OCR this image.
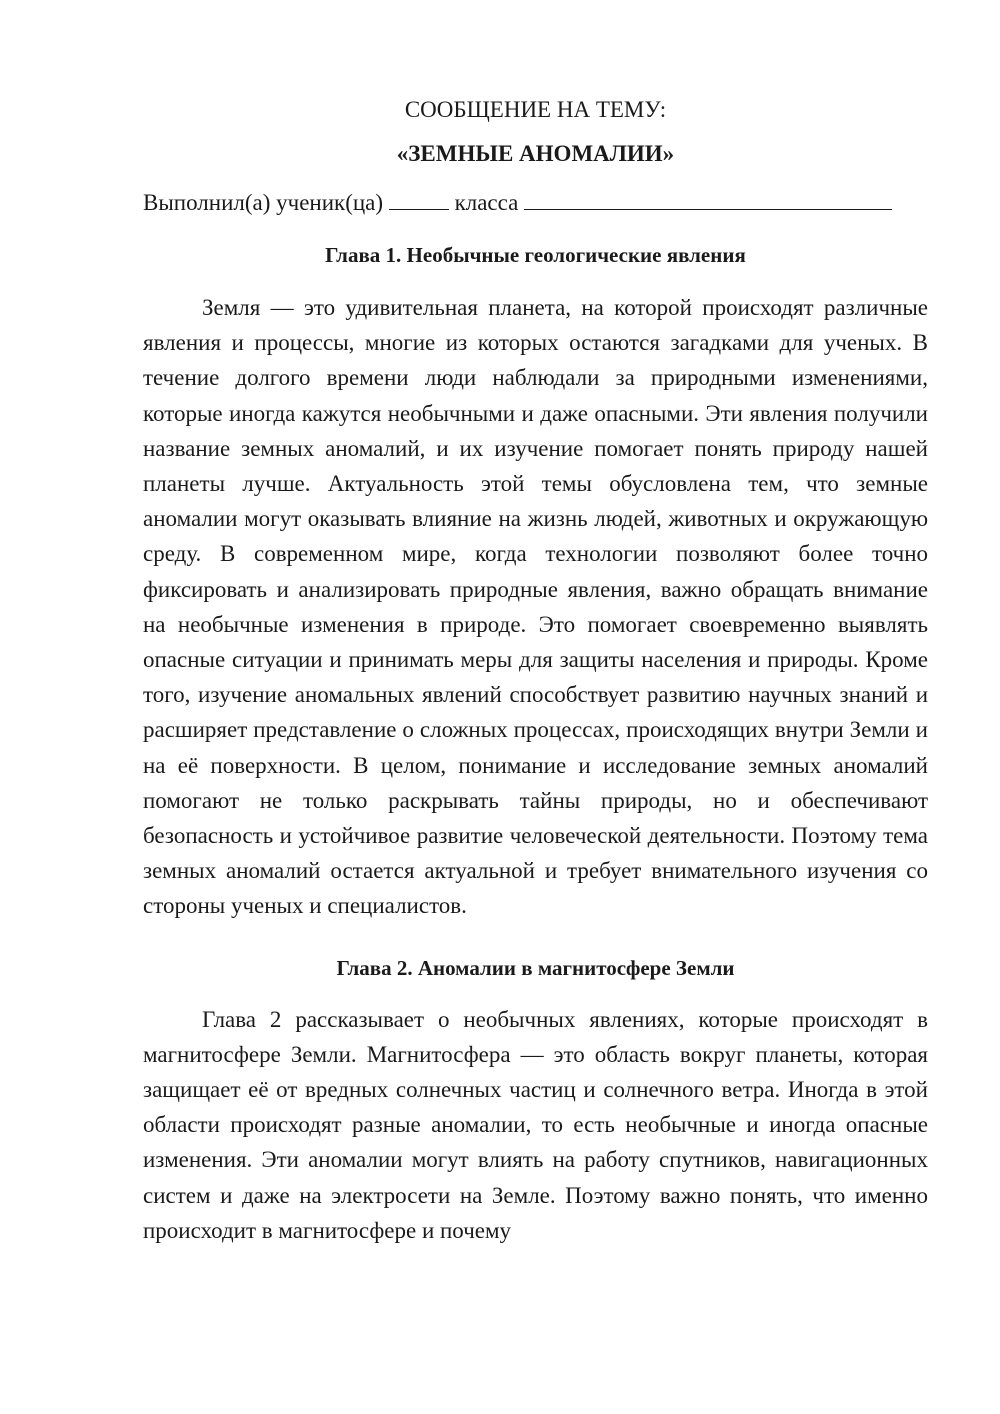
СООБЩЕНИЕ НА ТЕМУ:

«ЗЕМНЫЕ АНОМАЛИИ»

Выполнил(а) ученик(ца)	класса
Глава 1. Необычные геологические явления

Земля — это удивительная планета, на которой происходят различные явления и процессы, многие из которых остаются загадками для ученых. В течение долгого времени люди наблюдали за природными изменениями, которые иногда кажутся необычными и даже опасными. Эти явления получили название земных аномалий, и их изучение помогает понять природу нашей планеты лучше. Актуальность этой темы обусловлена тем, что земные аномалии могут оказывать влияние на жизнь людей, животных и окружающую среду. В современном мире, когда технологии позволяют более точно фиксировать и анализировать природные явления, важно обращать внимание на необычные изменения в природе. Это помогает своевременно выявлять опасные ситуации и принимать меры для защиты населения и природы. Кроме того, изучение аномальных явлений способствует развитию научных знаний и расширяет представление о сложных процессах, происходящих внутри Земли и на её поверхности. В целом, понимание и исследование земных аномалий помогают не только раскрывать тайны природы, но и обеспечивают безопасность и устойчивое развитие человеческой деятельности. Поэтому тема земных аномалий остается актуальной и требует внимательного изучения со стороны ученых и специалистов.

Глава 2. Аномалии в магнитосфере Земли

Глава 2 рассказывает о необычных явлениях, которые происходят в магнитосфере Земли. Магнитосфера — это область вокруг планеты, которая защищает её от вредных солнечных частиц и солнечного ветра. Иногда в этой области происходят разные аномалии, то есть необычные и иногда опасные изменения. Эти аномалии могут влиять на работу спутников, навигационных систем и даже на электросети на Земле. Поэтому важно понять, что именно происходит в магнитосфере и почему
